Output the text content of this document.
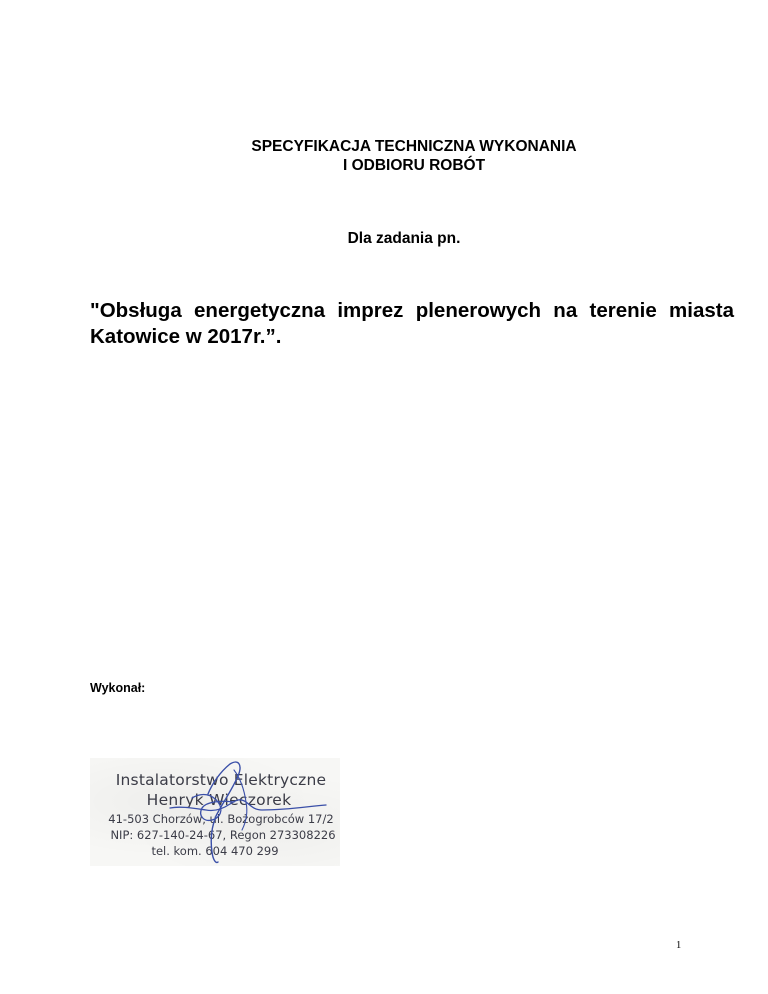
SPECYFIKACJA TECHNICZNA WYKONANIA
I ODBIORU ROBÓT
Dla zadania pn.
"Obsługa energetyczna imprez plenerowych na terenie miasta Katowice w 2017r.”.
Wykonał:
Instalatorstwo Elektryczne
Henryk Wieczorek
41-503 Chorzów, ul. Bożogrobców 17/2
NIP: 627-140-24-67, Regon 273308226
tel. kom. 604 470 299
1
